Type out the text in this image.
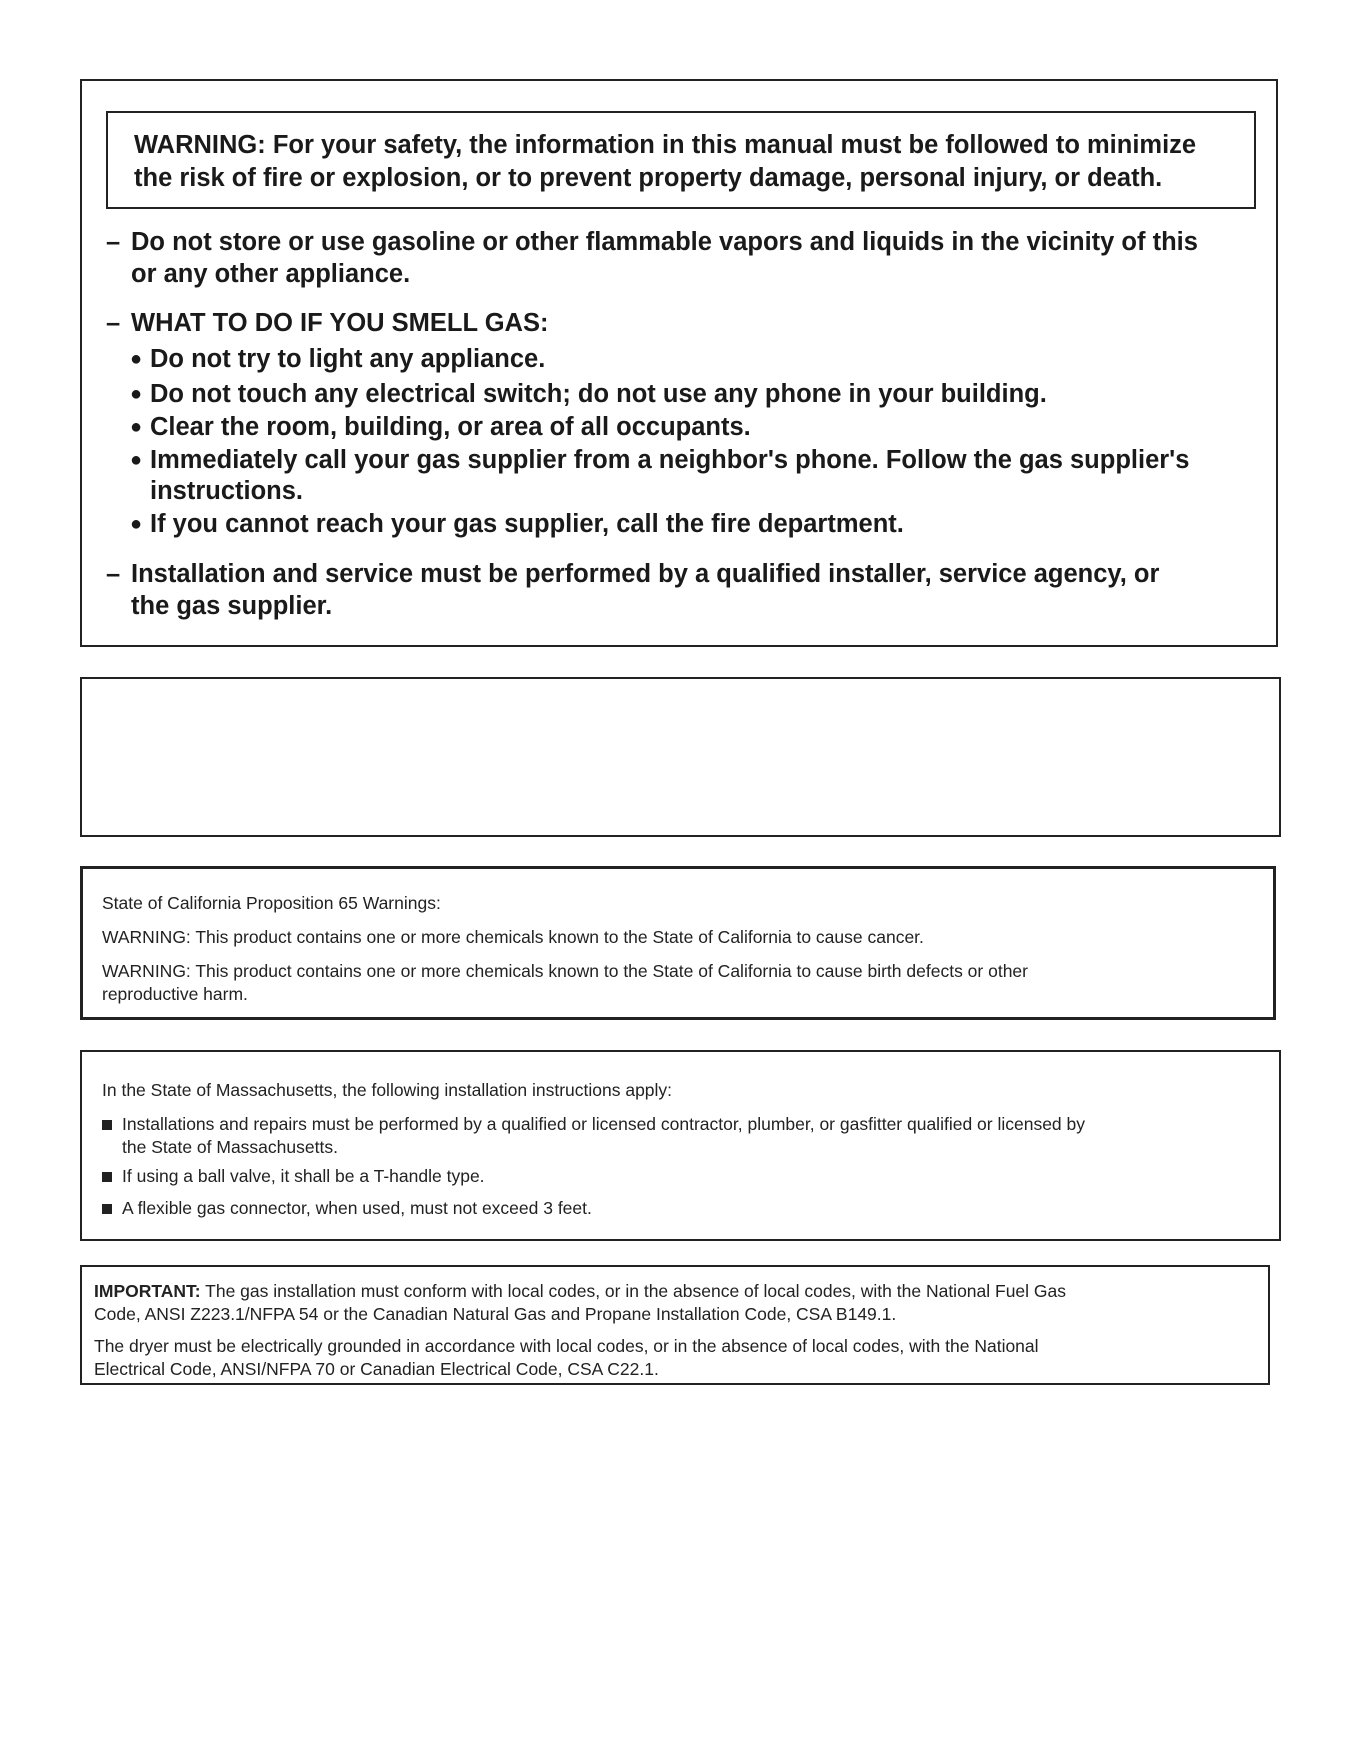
WARNING: For your safety, the information in this manual must be followed to minimize
the risk of fire or explosion, or to prevent property damage, personal injury, or death.
– Do not store or use gasoline or other flammable vapors and liquids in the vicinity of this
or any other appliance.
– WHAT TO DO IF YOU SMELL GAS:
● Do not try to light any appliance.
● Do not touch any electrical switch; do not use any phone in your building.
● Clear the room, building, or area of all occupants.
● Immediately call your gas supplier from a neighbor's phone. Follow the gas supplier's
instructions.
● If you cannot reach your gas supplier, call the fire department.
– Installation and service must be performed by a qualified installer, service agency, or
the gas supplier.
State of California Proposition 65 Warnings:
WARNING: This product contains one or more chemicals known to the State of California to cause cancer.
WARNING: This product contains one or more chemicals known to the State of California to cause birth defects or other
reproductive harm.
In the State of Massachusetts, the following installation instructions apply:
Installations and repairs must be performed by a qualified or licensed contractor, plumber, or gasfitter qualified or licensed by
the State of Massachusetts.
If using a ball valve, it shall be a T-handle type.
A flexible gas connector, when used, must not exceed 3 feet.
IMPORTANT: The gas installation must conform with local codes, or in the absence of local codes, with the National Fuel Gas
Code, ANSI Z223.1/NFPA 54 or the Canadian Natural Gas and Propane Installation Code, CSA B149.1.
The dryer must be electrically grounded in accordance with local codes, or in the absence of local codes, with the National
Electrical Code, ANSI/NFPA 70 or Canadian Electrical Code, CSA C22.1.
